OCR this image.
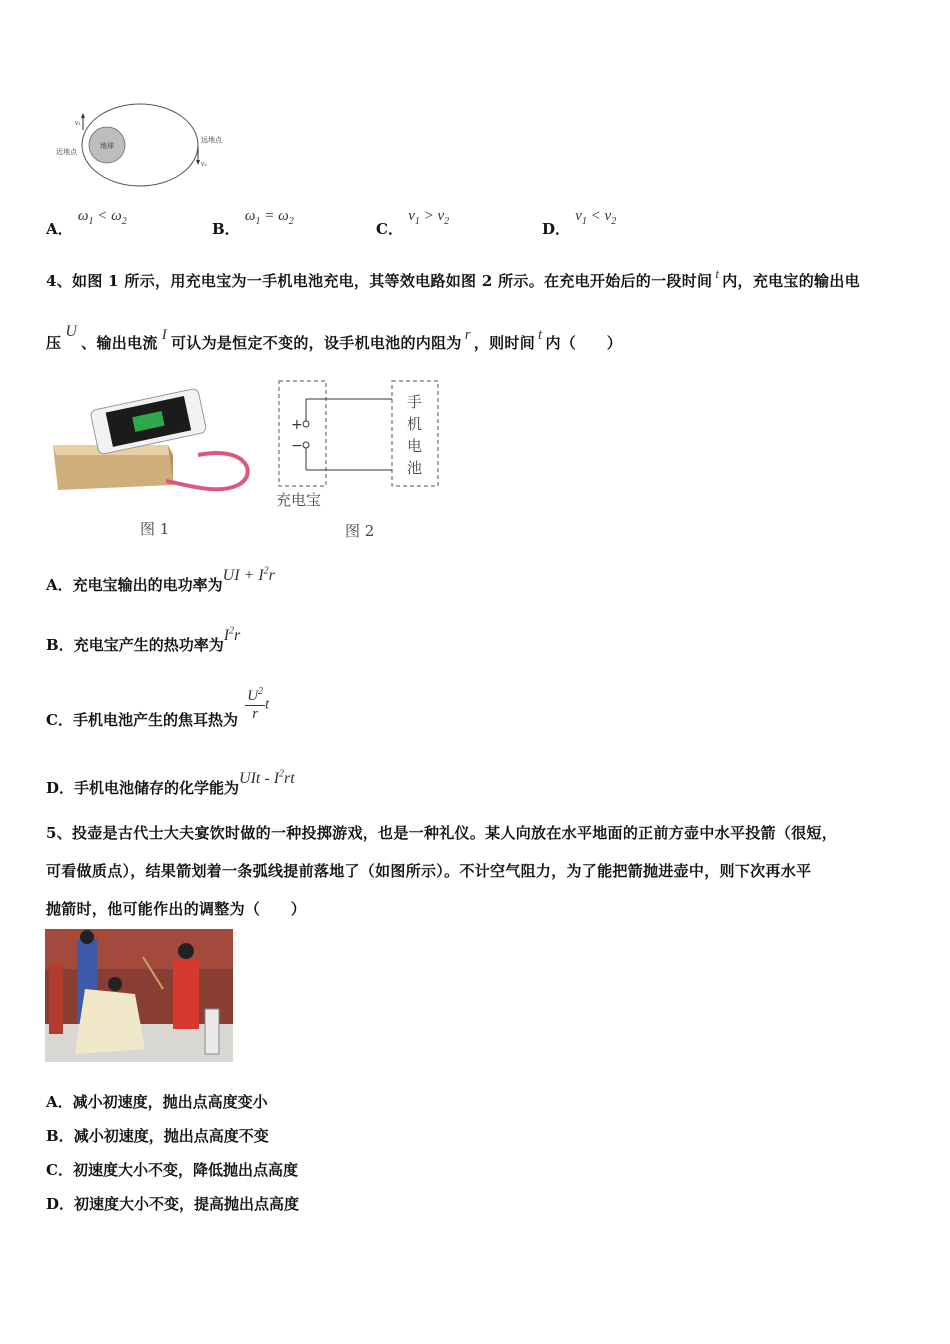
地球
近地点
远地点
v₁
v₂
A． $\omega_1 < \omega_2$	B． $\omega_1 = \omega_2$	C． $v_1 > v_2$	D． $v_1 < v_2$
4、如图 1 所示，用充电宝为一手机电池充电，其等效电路如图 2 所示。在充电开始后的一段时间 t 内，充电宝的输出电
压U、输出电流 I 可认为是恒定不变的，设手机电池的内阻为 r ，则时间 t 内（　　）
图 1
+
−
手
机
电
池
充电宝
图 2
A．充电宝输出的电功率为UI + $I^2r$
B．充电宝产生的热功率为$I^2r$
C．手机电池产生的焦耳热为 $\frac{U^2}{r}$ t
D．手机电池储存的化学能为UIt - $I^2rt$
5、投壶是古代士大夫宴饮时做的一种投掷游戏，也是一种礼仪。某人向放在水平地面的正前方壶中水平投箭（很短，
可看做质点），结果箭划着一条弧线提前落地了（如图所示）。不计空气阻力，为了能把箭抛进壶中，则下次再水平
抛箭时，他可能作出的调整为（　　）
A．减小初速度，抛出点高度变小
B．减小初速度，抛出点高度不变
C．初速度大小不变，降低抛出点高度
D．初速度大小不变，提高抛出点高度
